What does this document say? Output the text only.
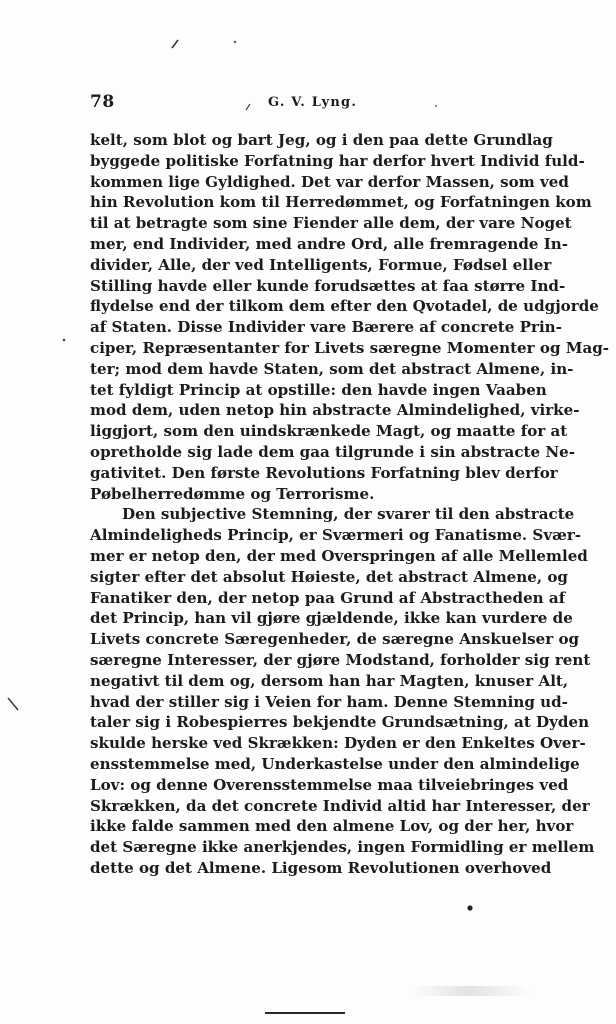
78	G. V. Lyng.
kelt, som blot og bart Jeg, og i den paa dette Grundlag
byggede politiske Forfatning har derfor hvert Individ fuld-
kommen lige Gyldighed. Det var derfor Massen, som ved
hin Revolution kom til Herredømmet, og Forfatningen kom
til at betragte som sine Fiender alle dem, der vare Noget
mer, end Individer, med andre Ord, alle fremragende In-
divider, Alle, der ved Intelligents, Formue, Fødsel eller
Stilling havde eller kunde forudsættes at faa større Ind-
flydelse end der tilkom dem efter den Qvotadel, de udgjorde
af Staten. Disse Individer vare Bærere af concrete Prin-
ciper, Repræsentanter for Livets særegne Momenter og Mag-
ter; mod dem havde Staten, som det abstract Almene, in-
tet fyldigt Princip at opstille: den havde ingen Vaaben
mod dem, uden netop hin abstracte Almindelighed, virke-
liggjort, som den uindskrænkede Magt, og maatte for at
opretholde sig lade dem gaa tilgrunde i sin abstracte Ne-
gativitet. Den første Revolutions Forfatning blev derfor
Pøbelherredømme og Terrorisme.
Den subjective Stemning, der svarer til den abstracte
Almindeligheds Princip, er Sværmeri og Fanatisme. Svær-
mer er netop den, der med Overspringen af alle Mellemled
sigter efter det absolut Høieste, det abstract Almene, og
Fanatiker den, der netop paa Grund af Abstractheden af
det Princip, han vil gjøre gjældende, ikke kan vurdere de
Livets concrete Særegenheder, de særegne Anskuelser og
særegne Interesser, der gjøre Modstand, forholder sig rent
negativt til dem og, dersom han har Magten, knuser Alt,
hvad der stiller sig i Veien for ham. Denne Stemning ud-
taler sig i Robespierres bekjendte Grundsætning, at Dyden
skulde herske ved Skrækken: Dyden er den Enkeltes Over-
ensstemmelse med, Underkastelse under den almindelige
Lov: og denne Overensstemmelse maa tilveiebringes ved
Skrækken, da det concrete Individ altid har Interesser, der
ikke falde sammen med den almene Lov, og der her, hvor
det Særegne ikke anerkjendes, ingen Formidling er mellem
dette og det Almene. Ligesom Revolutionen overhoved
